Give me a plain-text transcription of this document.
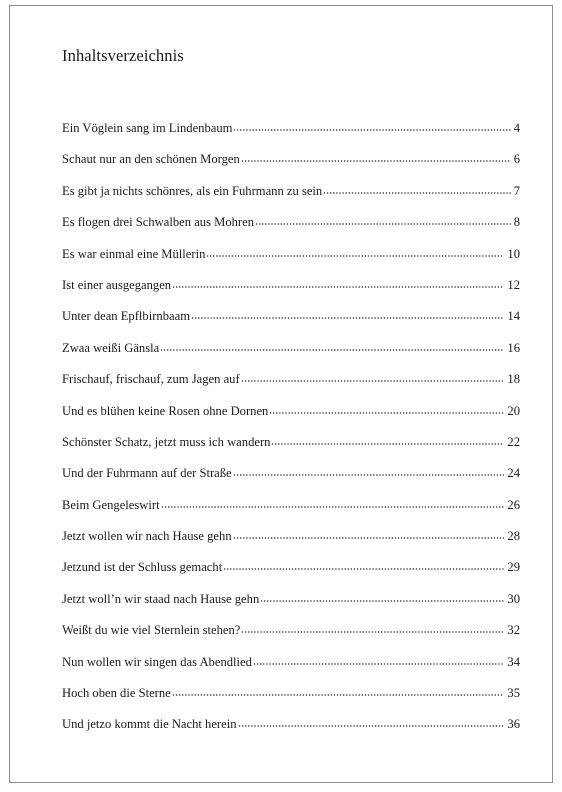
Inhaltsverzeichnis
Ein Vöglein sang im Lindenbaum	4
Schaut nur an den schönen Morgen	6
Es gibt ja nichts schönres, als ein Fuhrmann zu sein	7
Es flogen drei Schwalben aus Mohren	8
Es war einmal eine Müllerin	10
Ist einer ausgegangen	12
Unter dean Epflbirnbaam	14
Zwaa weißi Gänsla	16
Frischauf, frischauf, zum Jagen auf	18
Und es blühen keine Rosen ohne Dornen	20
Schönster Schatz, jetzt muss ich wandern	22
Und der Fuhrmann auf der Straße	24
Beim Gengeleswirt	26
Jetzt wollen wir nach Hause gehn	28
Jetzund ist der Schluss gemacht	29
Jetzt woll’n wir staad nach Hause gehn	30
Weißt du wie viel Sternlein stehen?	32
Nun wollen wir singen das Abendlied	34
Hoch oben die Sterne	35
Und jetzo kommt die Nacht herein	36
